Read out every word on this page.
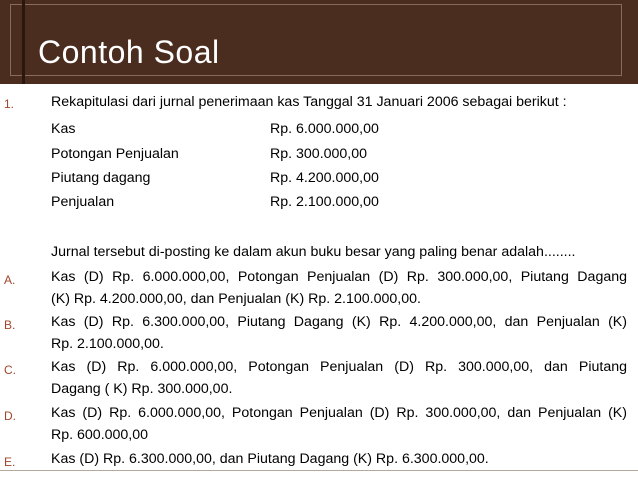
Contoh Soal
1.	Rekapitulasi dari jurnal penerimaan kas Tanggal 31 Januari 2006 sebagai berikut :
Kas	Rp. 6.000.000,00
Potongan Penjualan	Rp. 300.000,00
Piutang dagang	Rp. 4.200.000,00
Penjualan	Rp. 2.100.000,00
Jurnal tersebut di-posting ke dalam akun buku besar yang paling benar adalah........
A.	Kas (D) Rp. 6.000.000,00, Potongan Penjualan (D) Rp. 300.000,00, Piutang Dagang
(K) Rp. 4.200.000,00, dan Penjualan (K) Rp. 2.100.000,00.
B.	Kas (D) Rp. 6.300.000,00, Piutang Dagang (K) Rp. 4.200.000,00, dan Penjualan (K)
Rp. 2.100.000,00.
C. Kas (D) Rp. 6.000.000,00, Potongan Penjualan (D) Rp. 300.000,00, dan Piutang
Dagang ( K) Rp. 300.000,00.
D. Kas (D) Rp. 6.000.000,00, Potongan Penjualan (D) Rp. 300.000,00, dan Penjualan (K)
Rp. 600.000,00
E.	Kas (D) Rp. 6.300.000,00, dan Piutang Dagang (K) Rp. 6.300.000,00.
